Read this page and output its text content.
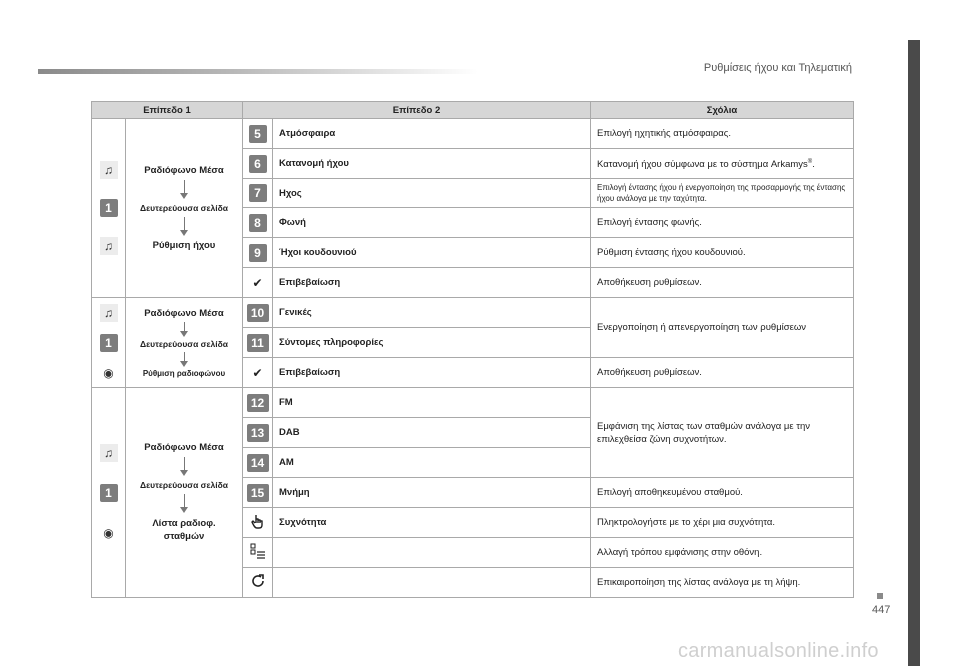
Ρυθμίσεις ήχου και Τηλεματική
447
carmanualsonline.info
Επίπεδο 1		Επίπεδο 2		Σχόλια

♫
1
♫	Ραδιόφωνο Μέσα
Δευτερεύουσα σελίδα
Ρύθμιση ήχου	5	Ατμόσφαιρα	Επιλογή ηχητικής ατμόσφαιρας.
		6	Κατανομή ήχου	Κατανομή ήχου σύμφωνα με το σύστημα Arkamys®.
		7	Ηχος	Επιλογή έντασης ήχου ή ενεργοποίηση της προσαρμογής της έντασης ήχου ανάλογα με την ταχύτητα.
		8	Φωνή	Επιλογή έντασης φωνής.
		9	Ήχοι κουδουνιού	Ρύθμιση έντασης ήχου κουδουνιού.
		✔	Επιβεβαίωση	Αποθήκευση ρυθμίσεων.

♫
1
◉	Ραδιόφωνο Μέσα
Δευτερεύουσα σελίδα
Ρύθμιση ραδιοφώνου	10	Γενικές	Ενεργοποίηση ή απενεργοποίηση των ρυθμίσεων
		11	Σύντομες πληροφορίες	
		✔	Επιβεβαίωση	Αποθήκευση ρυθμίσεων.

♫
1
◉	Ραδιόφωνο Μέσα
Δευτερεύουσα σελίδα
Λίστα ραδιοφ. σταθμών	12	FM	Εμφάνιση της λίστας των σταθμών ανάλογα με την επιλεχθείσα ζώνη συχνοτήτων.
		13	DAB	
		14	AM	
		15	Μνήμη	Επιλογή αποθηκευμένου σταθμού.
	Συχνότητα	Πληκτρολογήστε με το χέρι μια συχνότητα.
		Αλλαγή τρόπου εμφάνισης στην οθόνη.
		Επικαιροποίηση της λίστας ανάλογα με τη λήψη.
